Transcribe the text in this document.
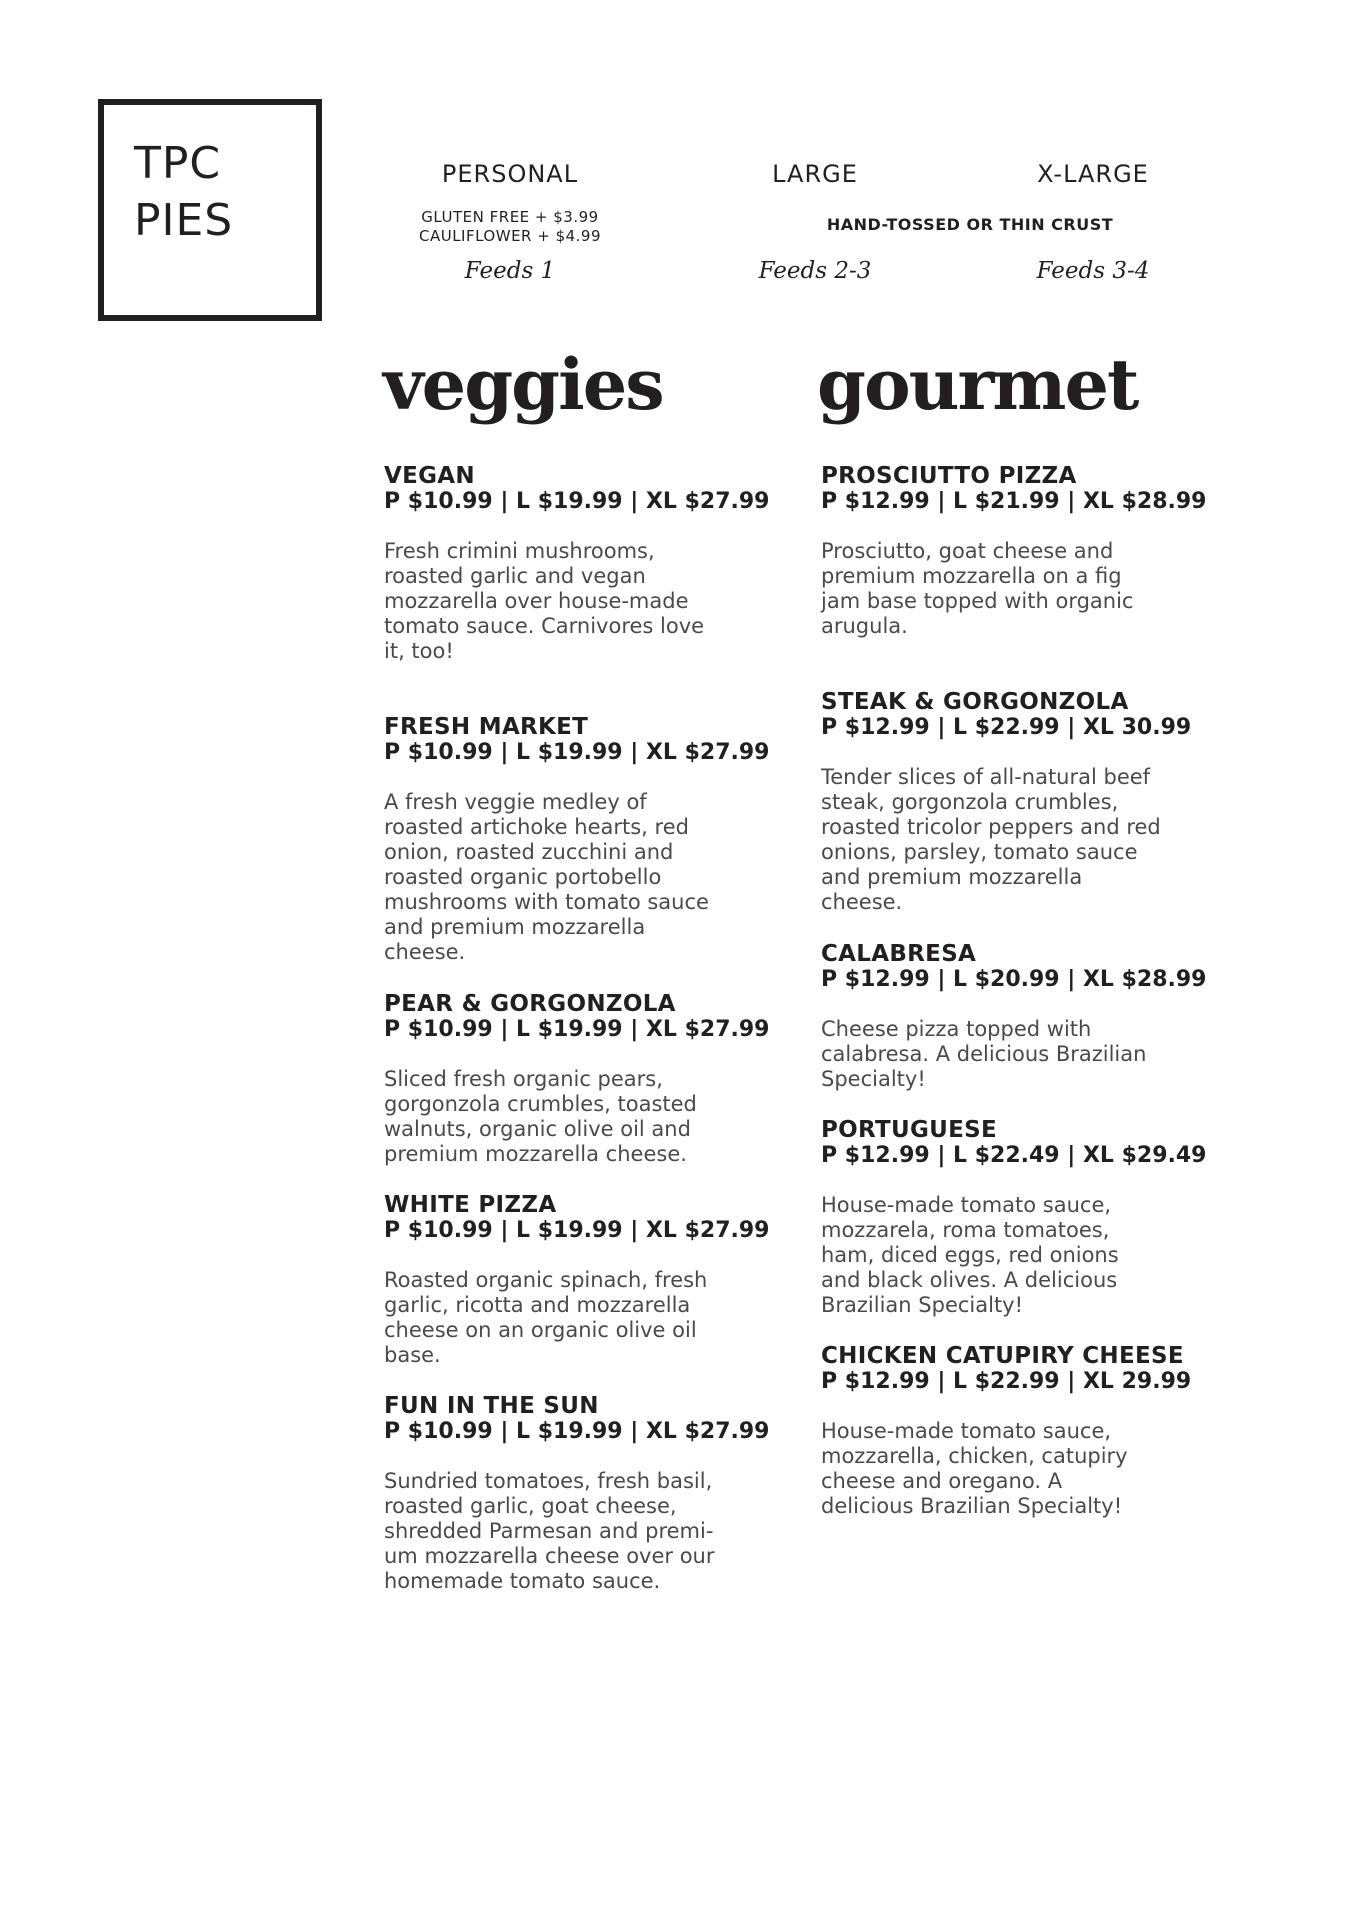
TPC
PIES
PERSONAL
GLUTEN FREE + $3.99
CAULIFLOWER + $4.99
LARGE	X-LARGE
HAND-TOSSED OR THIN CRUST
Feeds 1	Feeds 2-3	Feeds 3-4
veggies gourmet
VEGAN
P $10.99 | L $19.99 | XL $27.99
Fresh crimini mushrooms, roasted garlic and vegan mozzarella over house-made tomato sauce. Carnivores love it, too!
FRESH MARKET
P $10.99 | L $19.99 | XL $27.99
A fresh veggie medley of roasted artichoke hearts, red onion, roasted zucchini and roasted organic portobello mushrooms with tomato sauce and premium mozzarella cheese.
PEAR & GORGONZOLA
P $10.99 | L $19.99 | XL $27.99
Sliced fresh organic pears, gorgonzola crumbles, toasted walnuts, organic olive oil and premium mozzarella cheese.
WHITE PIZZA
P $10.99 | L $19.99 | XL $27.99
Roasted organic spinach, fresh garlic, ricotta and mozzarella cheese on an organic olive oil base.
FUN IN THE SUN
P $10.99 | L $19.99 | XL $27.99
Sundried tomatoes, fresh basil, roasted garlic, goat cheese, shredded Parmesan and premi-um mozzarella cheese over our homemade tomato sauce.
PROSCIUTTO PIZZA
P $12.99 | L $21.99 | XL $28.99
Prosciutto, goat cheese and premium mozzarella on a fig jam base topped with organic arugula.
STEAK & GORGONZOLA
P $12.99 | L $22.99 | XL 30.99
Tender slices of all-natural beef steak, gorgonzola crumbles, roasted tricolor peppers and red onions, parsley, tomato sauce and premium mozzarella cheese.
CALABRESA
P $12.99 | L $20.99 | XL $28.99
Cheese pizza topped with calabresa. A delicious Brazilian Specialty!
PORTUGUESE
P $12.99 | L $22.49 | XL $29.49
House-made tomato sauce, mozzarela, roma tomatoes, ham, diced eggs, red onions and black olives. A delicious Brazilian Specialty!
CHICKEN CATUPIRY CHEESE
P $12.99 | L $22.99 | XL 29.99
House-made tomato sauce, mozzarella, chicken, catupiry cheese and oregano. A delicious Brazilian Specialty!
